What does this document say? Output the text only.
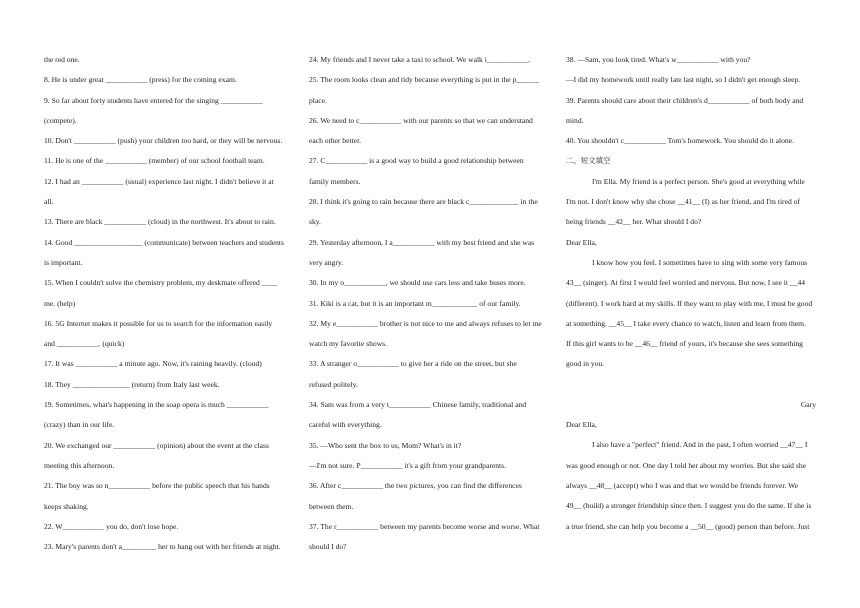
the red one.
8. He is under great ___________ (press) for the coming exam.
9. So far about forty students have entered for the singing ___________
(compete).
10. Don't ___________ (push) your children too hard, or they will be nervous.
11. He is one of the ___________ (member) of our school football team.
12. I had an ___________ (usual) experience last night. I didn't believe it at
all.
13. There are black ___________ (cloud) in the northwest. It's about to rain.
14. Good __________________ (communicate) between teachers and students
is important.
15. When I couldn't solve the chemistry problem, my deskmate offered ____
me. (help)
16. 5G Internet makes it possible for us to search for the information easily
and ___________. (quick)
17. It was ___________ a minute ago. Now, it's raining heavily. (cloud)
18. They _______________ (return) from Italy last week.
19. Sometimes, what's happening in the soap opera is much ___________
(crazy) than in our life.
20. We exchanged our ___________ (opinion) about the event at the class
meeting this afternoon.
21. The boy was so n___________ before the public speech that his hands
keeps shaking.
22. W___________ you do, don't lose hope.
23. Mary's parents don't a_________ her to hang out with her friends at night.
24. My friends and I never take a taxi to school. We walk i___________.
25. The room looks clean and tidy because everything is put in the p______
place.
26. We need to c___________ with our parents so that we can understand
each other better.
27. C___________ is a good way to build a good relationship between
family members.
28. I think it's going to rain because there are black c_____________ in the
sky.
29. Yesterday afternoon, I a___________ with my best friend and she was
very angry.
30. In my o___________, we should use cars less and take buses more.
31. Kiki is a cat, but it is an important m____________ of our family.
32. My e___________ brother is not nice to me and always refuses to let me
watch my favorite shows.
33. A stranger o___________ to give her a ride on the street, but she
refused politely.
34. Sam was from a very t___________ Chinese family, traditional and
careful with everything.
35. —Who sent the box to us, Mom? What's in it?
—I'm not sure. P___________ it's a gift from your grandparents.
36. After c___________ the two pictures, you can find the differences
between them.
37. The r___________ between my parents become worse and worse. What
should I do?
38. —Sam, you look tired. What's w___________ with you?
—I did my homework until really late last night, so I didn't get enough sleep.
39. Parents should care about their children's d___________ of both body and
mind.
40. You shouldn't c___________ Tom's homework. You should do it alone.
二、短文填空
I'm Ella. My friend is a perfect person. She's good at everything while
I'm not. I don't know why she chose __41__ (I) as her friend, and I'm tired of
being friends __42__ her. What should I do?
Dear Ella,
I know how you feel. I sometimes have to sing with some very famous
43__ (singer). At first I would feel worried and nervous. But now, I see it __44
(different). I work hard at my skills. If they want to play with me, I must be good
at something. __45__ I take every chance to watch, listen and learn from them.
If this girl wants to be __46__ friend of yours, it's because she sees something
good in you.
Gary
Dear Ella,
I also have a "perfect" friend. And in the past, I often worried __47__ I
was good enough or not. One day I told her about my worries. But she said she
always __48__ (accept) who I was and that we would be friends forever. We
49__ (build) a stronger friendship since then. I suggest you do the same. If she is
a true friend, she can help you become a __50__ (good) person than before. Just
